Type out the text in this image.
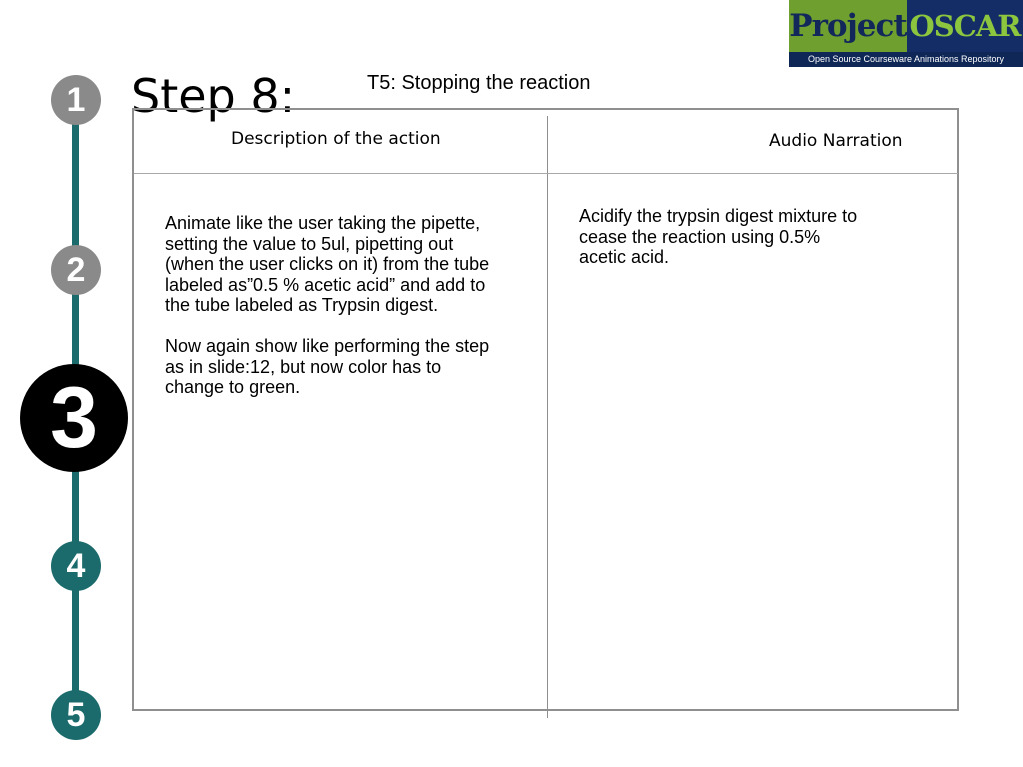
Project OSCAR
Open Source Courseware Animations Repository
1
2
3
4
5
Step 8:	T5: Stopping the reaction
Description of the action	Audio Narration

Animate like the user taking the pipette, setting the value to 5ul, pipetting out (when the user clicks on it) from the tube labeled as”0.5 % acetic acid” and add to the tube labeled as Trypsin digest.

Now again show like performing the step as in slide:12, but now color has to change to green.

Acidify the trypsin digest mixture to cease the reaction using 0.5% acetic acid.
